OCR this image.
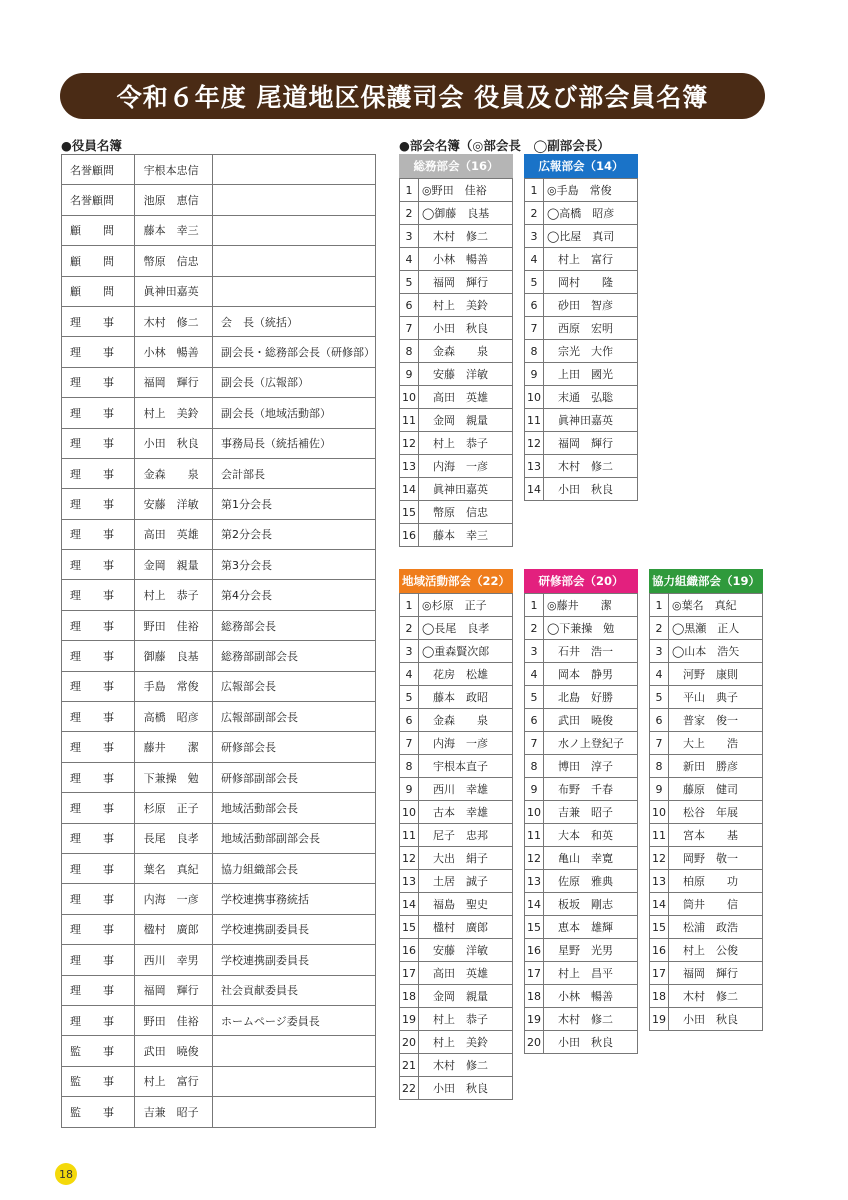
令和６年度 尾道地区保護司会 役員及び部会員名簿
●役員名簿	●部会名簿（◎部会長　◯副部会長）
名誉顧問	宇根本忠信	
名誉顧問	池原　恵信	
顧　　問	藤本　幸三	
顧　　問	幣原　信忠	
顧　　問	眞神田嘉英	
理　　事	木村　修二	会　長（統括）
理　　事	小林　暢善	副会長・総務部会長（研修部）
理　　事	福岡　輝行	副会長（広報部）
理　　事	村上　美鈴	副会長（地域活動部）
理　　事	小田　秋良	事務局長（統括補佐）
理　　事	金森　　泉	会計部長
理　　事	安藤　洋敏	第1分会長
理　　事	高田　英雄	第2分会長
理　　事	金岡　親量	第3分会長
理　　事	村上　恭子	第4分会長
理　　事	野田　佳裕	総務部会長
理　　事	御藤　良基	総務部副部会長
理　　事	手島　常俊	広報部会長
理　　事	高橋　昭彦	広報部副部会長
理　　事	藤井　　潔	研修部会長
理　　事	下兼操　勉	研修部副部会長
理　　事	杉原　正子	地域活動部会長
理　　事	長尾　良孝	地域活動部副部会長
理　　事	葉名　真紀	協力組織部会長
理　　事	内海　一彦	学校連携事務統括
理　　事	楹村　廣郎	学校連携副委員長
理　　事	西川　幸男	学校連携副委員長
理　　事	福岡　輝行	社会貢献委員長
理　　事	野田　佳裕	ホームページ委員長
監　　事	武田　曉俊	
監　　事	村上　富行	
監　　事	吉兼　昭子	
総務部会（16）
1	◎野田　佳裕
2	◯御藤　良基
3	　木村　修二
4	　小林　暢善
5	　福岡　輝行
6	　村上　美鈴
7	　小田　秋良
8	　金森　　泉
9	　安藤　洋敏
10	　高田　英雄
11	　金岡　親量
12	　村上　恭子
13	　内海　一彦
14	　眞神田嘉英
15	　幣原　信忠
16	　藤本　幸三
広報部会（14）
1	◎手島　常俊
2	◯高橋　昭彦
3	◯比屋　真司
4	　村上　富行
5	　岡村　　隆
6	　砂田　智彦
7	　西原　宏明
8	　宗光　大作
9	　上田　國光
10	　末通　弘聡
11	　眞神田嘉英
12	　福岡　輝行
13	　木村　修二
14	　小田　秋良
地域活動部会（22）
1	◎杉原　正子
2	◯長尾　良孝
3	◯重森賢次郎
4	　花房　松雄
5	　藤本　政昭
6	　金森　　泉
7	　内海　一彦
8	　宇根本直子
9	　西川　幸雄
10	　古本　幸雄
11	　尼子　忠邦
12	　大出　絹子
13	　土居　誠子
14	　福島　聖史
15	　楹村　廣郎
16	　安藤　洋敏
17	　高田　英雄
18	　金岡　親量
19	　村上　恭子
20	　村上　美鈴
21	　木村　修二
22	　小田　秋良
研修部会（20）
1	◎藤井　　潔
2	◯下兼操　勉
3	　石井　浩一
4	　岡本　静男
5	　北島　好勝
6	　武田　曉俊
7	　水ノ上登紀子
8	　博田　淳子
9	　布野　千春
10	　吉兼　昭子
11	　大本　和英
12	　亀山　幸寛
13	　佐原　雅典
14	　板坂　剛志
15	　恵本　雄輝
16	　星野　光男
17	　村上　昌平
18	　小林　暢善
19	　木村　修二
20	　小田　秋良
協力組織部会（19）
1	◎葉名　真紀
2	◯黒瀬　正人
3	◯山本　浩矢
4	　河野　康則
5	　平山　典子
6	　普家　俊一
7	　大上　　浩
8	　新田　勝彦
9	　藤原　健司
10	　松谷　年展
11	　宮本　　基
12	　岡野　敬一
13	　柏原　　功
14	　筒井　　信
15	　松浦　政浩
16	　村上　公俊
17	　福岡　輝行
18	　木村　修二
19	　小田　秋良
18
